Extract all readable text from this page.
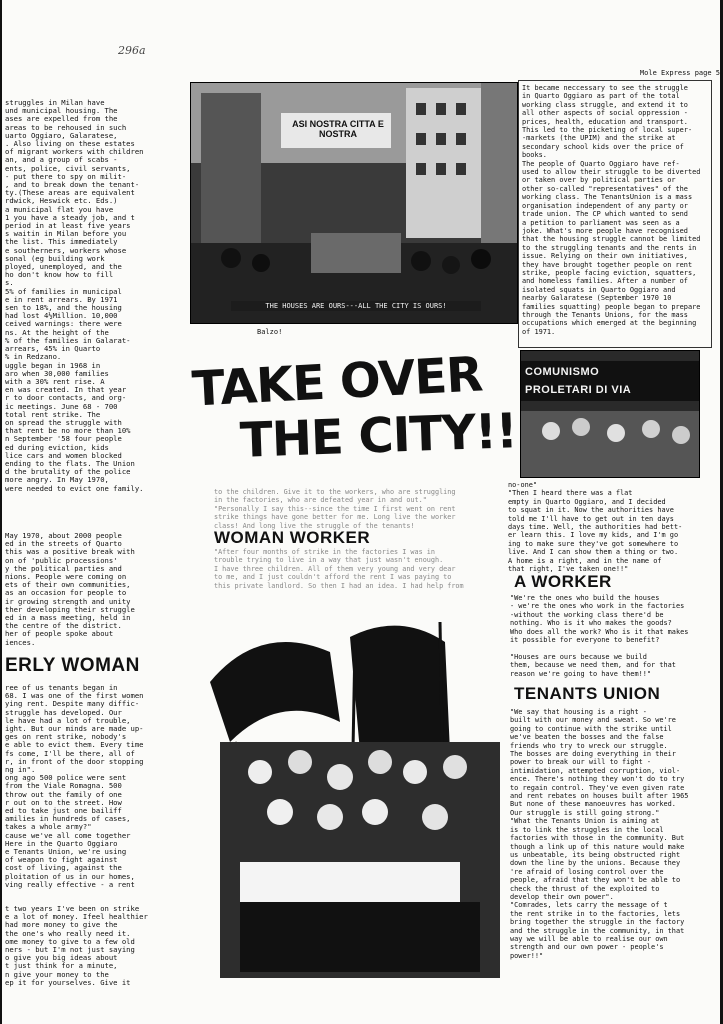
296a
Mole Express page 5
struggles in Milan have
und municipal housing. The
ases are expelled from the
areas to be rehoused in such
uarto Oggiaro, Galaratese,
. Also living on these estates
of migrant workers with children
an, and a group of scabs -
ents, police, civil servants,
- put there to spy on milit-
, and to break down the tenant-
ty.(These areas are equivalent
rdwick, Heswick etc. Eds.)
a municipal flat you have
1 you have a steady job, and t
period in at least five years
s waitin in Milan before you
the list. This immediately
e southerners, workers whose
sonal (eg building work
ployed, unemployed, and the
ho don't know how to fill
s.
5% of families in municipal
e in rent arrears. By 1971
sen to 18%, and the housing
had lost 4½Million. 10,000
ceived warnings: there were
ns. At the height of the
% of the families in Galarat-
arrears, 45% in Quarto
% in Redzano.
uggle began in 1968 in
aro when 30,000 families
with a 30% rent rise. A
en was created. In that year
r to door contacts, and org-
ic meetings. June 68 - 700
total rent strike. The
on spread the struggle with
that rent be no more than 10%
n September '58 four people
ed during eviction, kids
lice cars and women blocked
ending to the flats. The Union
d the brutality of the police
more angry. In May 1970,
were needed to evict one family.
May 1970, about 2000 people
ed in the streets of Quarto
this was a positive break with
on of 'public processions'
y the political parties and
nions. People were coming on
ets of their own communities,
as an occasion for people to
ir growing strength and unity
ther developing their struggle
ed in a mass meeting, held in
the centre of the district.
her of people spoke about
iences.
ERLY WOMAN
ree of us tenants began in
68. I was one of the first women
ying rent. Despite many diffic-
struggle has developed. Our
le have had a lot of trouble,
ight. But our minds are made up-
ges on rent strike, nobody's
e able to evict them. Every time
fs come, I'll be there, all of
r, in front of the door stopping
ng in".
ong ago 500 police were sent
from the Viale Romagna. 500
throw out the family of one
r out on to the street. How
ed to take just one bailiff
amilies in hundreds of cases,
takes a whole army?"
cause we've all come together
Here in the Quarto Oggiaro
e Tenants Union, we're using
of weapon to fight against
cost of living, against the
ploitation of us in our homes,
ving really effective - a rent
t two years I've been on strike
e a lot of money. Ifeel healthier
had more money to give the
the one's who really need it.
ome money to give to a few old
ners - but I'm not just saying
o give you big ideas about
t just think for a minute,
n give your money to the
ep it for yourselves. Give it
ASI NOSTRA CITTA E NOSTRA
THE HOUSES ARE OURS---ALL THE CITY IS OURS!
Balzo!
It became neccessary to see the struggle
in Quarto Oggiaro as part of the total
working class struggle, and extend it to
all other aspects of social oppression -
prices, health, education and transport.
This led to the picketing of local super-
-markets (the UPIM) and the strike at
secondary school kids over the price of
books.
The people of Quarto Oggiaro have ref-
used to allow their struggle to be diverted
or taken over by political parties or
other so-called "representatives" of the
working class. The TenantsUnion is a mass
organisation independent of any party or
trade union. The CP which wanted to send
a petition to parliament was seen as a
joke. What's more people have recognised
that the housing struggle cannot be limited
to the struggling tenants and the rents in
issue. Relying on their own initiatives,
they have brought together people on rent
strike, people facing eviction, squatters,
and homeless families. After a number of
isolated squats in Quarto Oggiaro and
nearby Galaratese (September 1970 10
families squatting) people began to prepare
through the Tenants Unions, for the mass
occupations which emerged at the beginning
of 1971.
TAKE OVER
THE CITY!!
COMUNISMO
PROLETARI DI VIA
to the children. Give it to the workers, who are struggling
in the factories, who are defeated year in and out."
"Personally I say this--since the time I first went on rent
strike things have gone better for me. Long live the worker
class! And long live the struggle of the tenants!
WOMAN WORKER
"After four months of strike in the factories I was in
trouble trying to live in a way that just wasn't enough.
I have three children. All of them very young and very dear
to me, and I just couldn't afford the rent I was paying to
this private landlord. So then I had an idea. I had help from
no-one"
"Then I heard there was a flat
empty in Quarto Oggiaro, and I decided
to squat in it. Now the authorities have
told me I'll have to get out in ten days
days time. Well, the authorities had bett-
er learn this. I love my kids, and I'm go
ing to make sure they've got somewhere to
live. And I can show them a thing or two.
A home is a right, and in the name of
that right, I've taken one!!"
A WORKER
"We're the ones who build the houses
- we're the ones who work in the factories
-without the working class there'd be
nothing. Who is it who makes the goods?
Who does all the work? Who is it that makes
it possible for everyone to benefit?

"Houses are ours because we build
them, because we need them, and for that
reason we're going to have them!!"
TENANTS UNION
"We say that housing is a right -
built with our money and sweat. So we're
going to continue with the strike until
we've beaten the bosses and the false
friends who try to wreck our struggle.
The bosses are doing everything in their
power to break our will to fight -
intimidation, attempted corruption, viol-
ence. There's nothing they won't do to try
to regain control. They've even given rate
and rent rebates on houses built after 1965
But none of these manoeuvres has worked.
Our struggle is still going strong."
"What the Tenants Union is aiming at
is to link the struggles in the local
factories with those in the community. But
though a link up of this nature would make
us unbeatable, its being obstructed right
down the line by the unions. Because they
're afraid of losing control over the
people, afraid that they won't be able to
check the thrust of the exploited to
develop their own power".
"Comrades, lets carry the message of t
the rent strike in to the factories, lets
bring together the struggle in the factory
and the struggle in the community, in that
way we will be able to realise our own
strength and our own power - people's
power!!"
